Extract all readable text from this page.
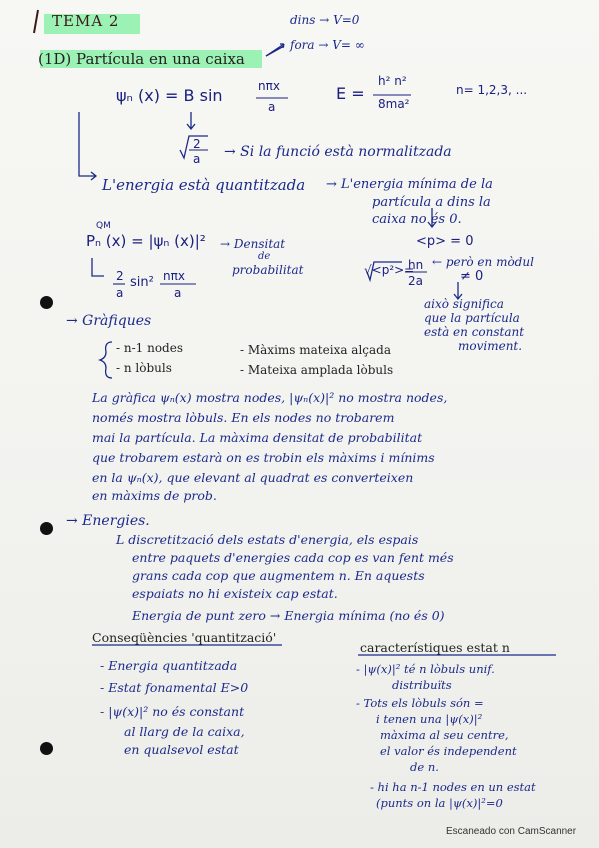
TEMA 2	dins → V=0
fora → V= ∞
(1D) Partícula en una caixa
ψₙ (x) = B sin	nπx
a
E =
h² n²
8ma²
n= 1,2,3, ...
2
a → Si la funció està normalitzada
L'energia està quantitzada → L'energia mínima de la
partícula a dins la
caixa no és 0.
<p> = 0
QM
Pₙ (x) = |ψₙ (x)|² → Densitat
de
probabilitat
2
a
sin² nπx
a
√<p²>=
hn
2a
← però en mòdul
≠ 0
→ Gràfiques
això significa
que la partícula
està en constant
moviment.
- n-1 nodes
- n lòbuls
- Màxims mateixa alçada
- Mateixa amplada lòbuls
La gràfica ψₙ(x) mostra nodes, |ψₙ(x)|² no mostra nodes,
només mostra lòbuls. En els nodes no trobarem
mai la partícula. La màxima densitat de probabilitat
que trobarem estarà on es trobin els màxims i mínims
en la ψₙ(x), que elevant al quadrat es converteixen
en màxims de prob.
→ Energies.
L discretització dels estats d'energia, els espais
entre paquets d'energies cada cop es van fent més
grans cada cop que augmentem n. En aquests
espaiats no hi existeix cap estat.
Energia de punt zero → Energia mínima (no és 0)
Conseqüències 'quantització'
- Energia quantitzada
- Estat fonamental E>0
- |ψ(x)|² no és constant
al llarg de la caixa,
en qualsevol estat
característiques estat n
- |ψ(x)|² té n lòbuls unif.
distribuïts
- Tots els lòbuls són =
i tenen una |ψ(x)|²
màxima al seu centre,
el valor és independent
de n.
- hi ha n-1 nodes en un estat
(punts on la |ψ(x)|²=0
Escaneado con CamScanner
